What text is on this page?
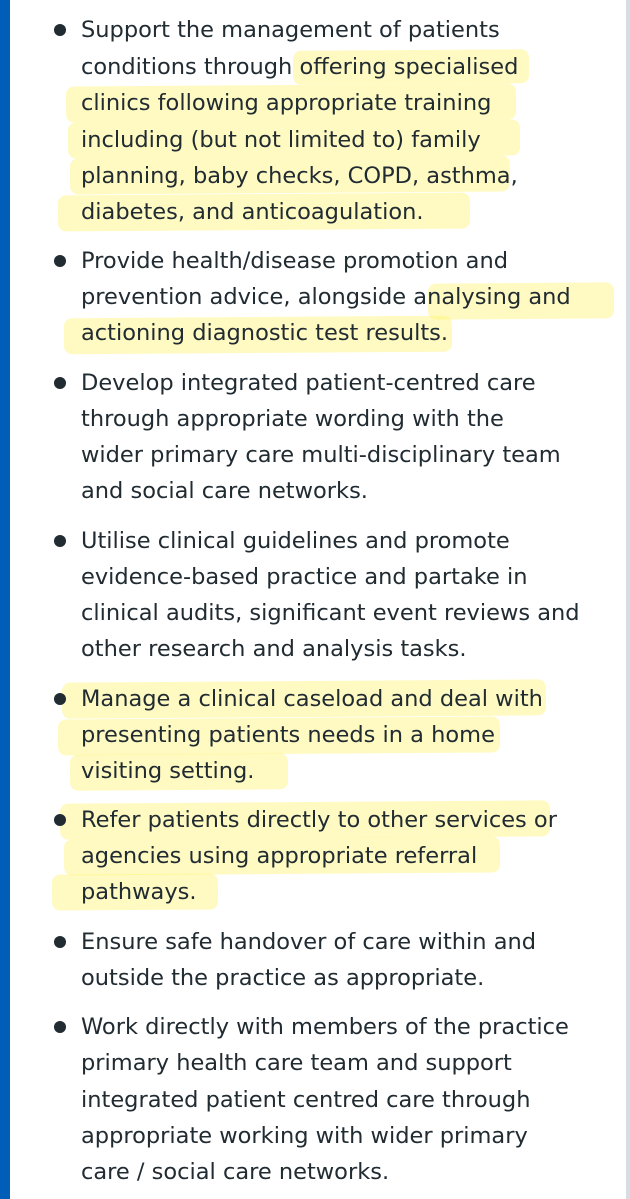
Support the management of patients
conditions through offering specialised
clinics following appropriate training
including (but not limited to) family
planning, baby checks, COPD, asthma,
diabetes, and anticoagulation.
Provide health/disease promotion and
prevention advice, alongside analysing and
actioning diagnostic test results.
Develop integrated patient-centred care
through appropriate wording with the
wider primary care multi-disciplinary team
and social care networks.
Utilise clinical guidelines and promote
evidence-based practice and partake in
clinical audits, significant event reviews and
other research and analysis tasks.
Manage a clinical caseload and deal with
presenting patients needs in a home
visiting setting.
Refer patients directly to other services or
agencies using appropriate referral
pathways.
Ensure safe handover of care within and
outside the practice as appropriate.
Work directly with members of the practice
primary health care team and support
integrated patient centred care through
appropriate working with wider primary
care / social care networks.
